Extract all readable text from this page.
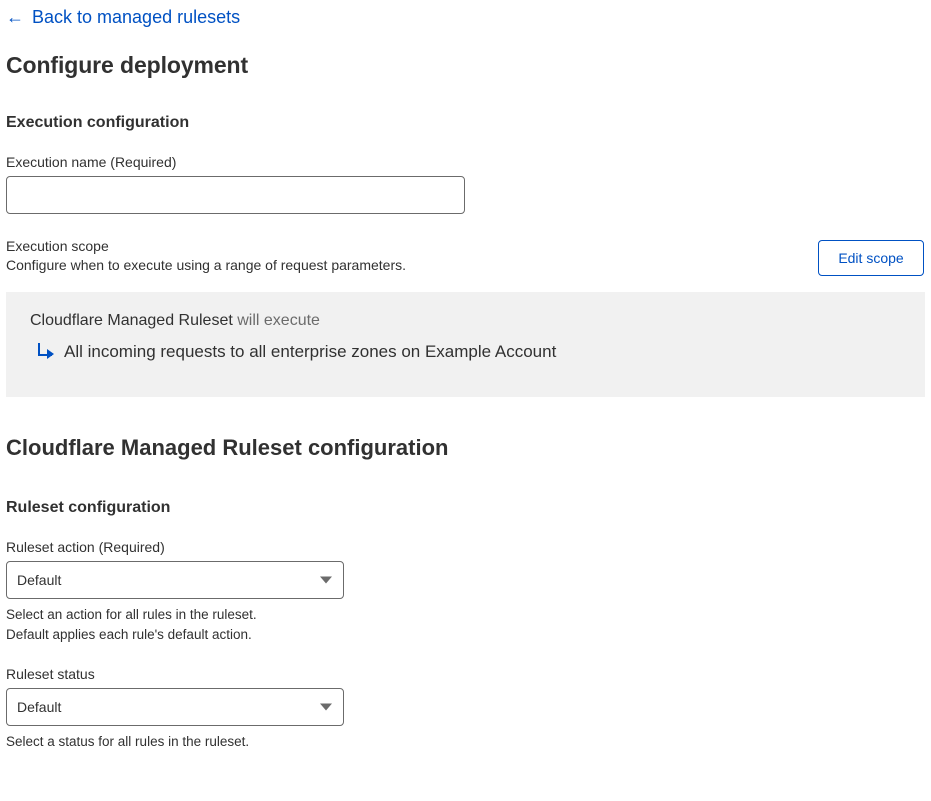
← Back to managed rulesets
Configure deployment
Execution configuration
Execution name (Required)
Execution scope
Configure when to execute using a range of request parameters.	Edit scope
Cloudflare Managed Ruleset will execute
All incoming requests to all enterprise zones on Example Account
Cloudflare Managed Ruleset configuration
Ruleset configuration
Ruleset action (Required)
Default
Select an action for all rules in the ruleset.
Default applies each rule's default action.
Ruleset status
Default
Select a status for all rules in the ruleset.
